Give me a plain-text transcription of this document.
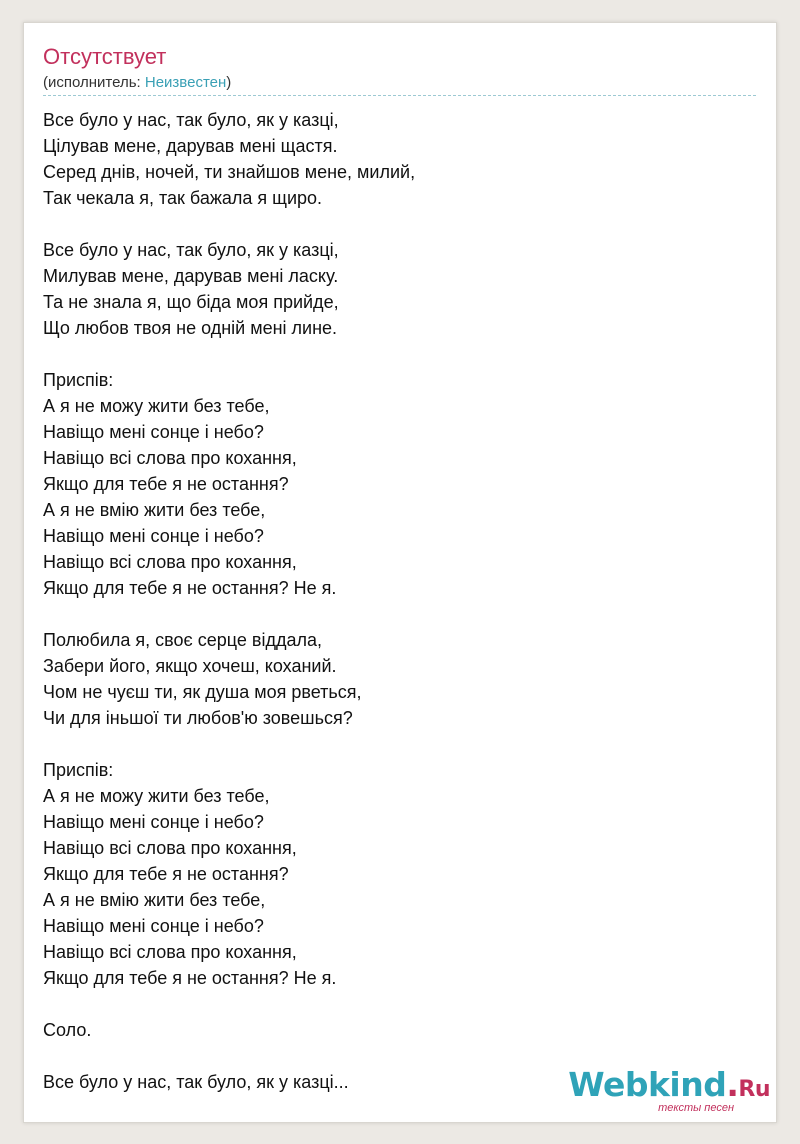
Отсутствует
(исполнитель: Неизвестен)
Все було у нас, так було, як у казці,
Цілував мене, дарував мені щастя.
Серед днів, ночей, ти знайшов мене, милий,
Так чекала я, так бажала я щиро.
Все було у нас, так було, як у казці,
Милував мене, дарував мені ласку.
Та не знала я, що біда моя прийде,
Що любов твоя не одній мені лине.
Приспів:
А я не можу жити без тебе,
Навіщо мені сонце і небо?
Навіщо всі слова про кохання,
Якщо для тебе я не остання?
А я не вмію жити без тебе,
Навіщо мені сонце і небо?
Навіщо всі слова про кохання,
Якщо для тебе я не остання? Не я.
Полюбила я, своє серце віддала,
Забери його, якщо хочеш, коханий.
Чом не чуєш ти, як душа моя рветься,
Чи для іньшої ти любов'ю зовешься?
Приспів:
А я не можу жити без тебе,
Навіщо мені сонце і небо?
Навіщо всі слова про кохання,
Якщо для тебе я не остання?
А я не вмію жити без тебе,
Навіщо мені сонце і небо?
Навіщо всі слова про кохання,
Якщо для тебе я не остання? Не я.
Соло.
Все було у нас, так було, як у казці...	Webkind.Ru
тексты песен
